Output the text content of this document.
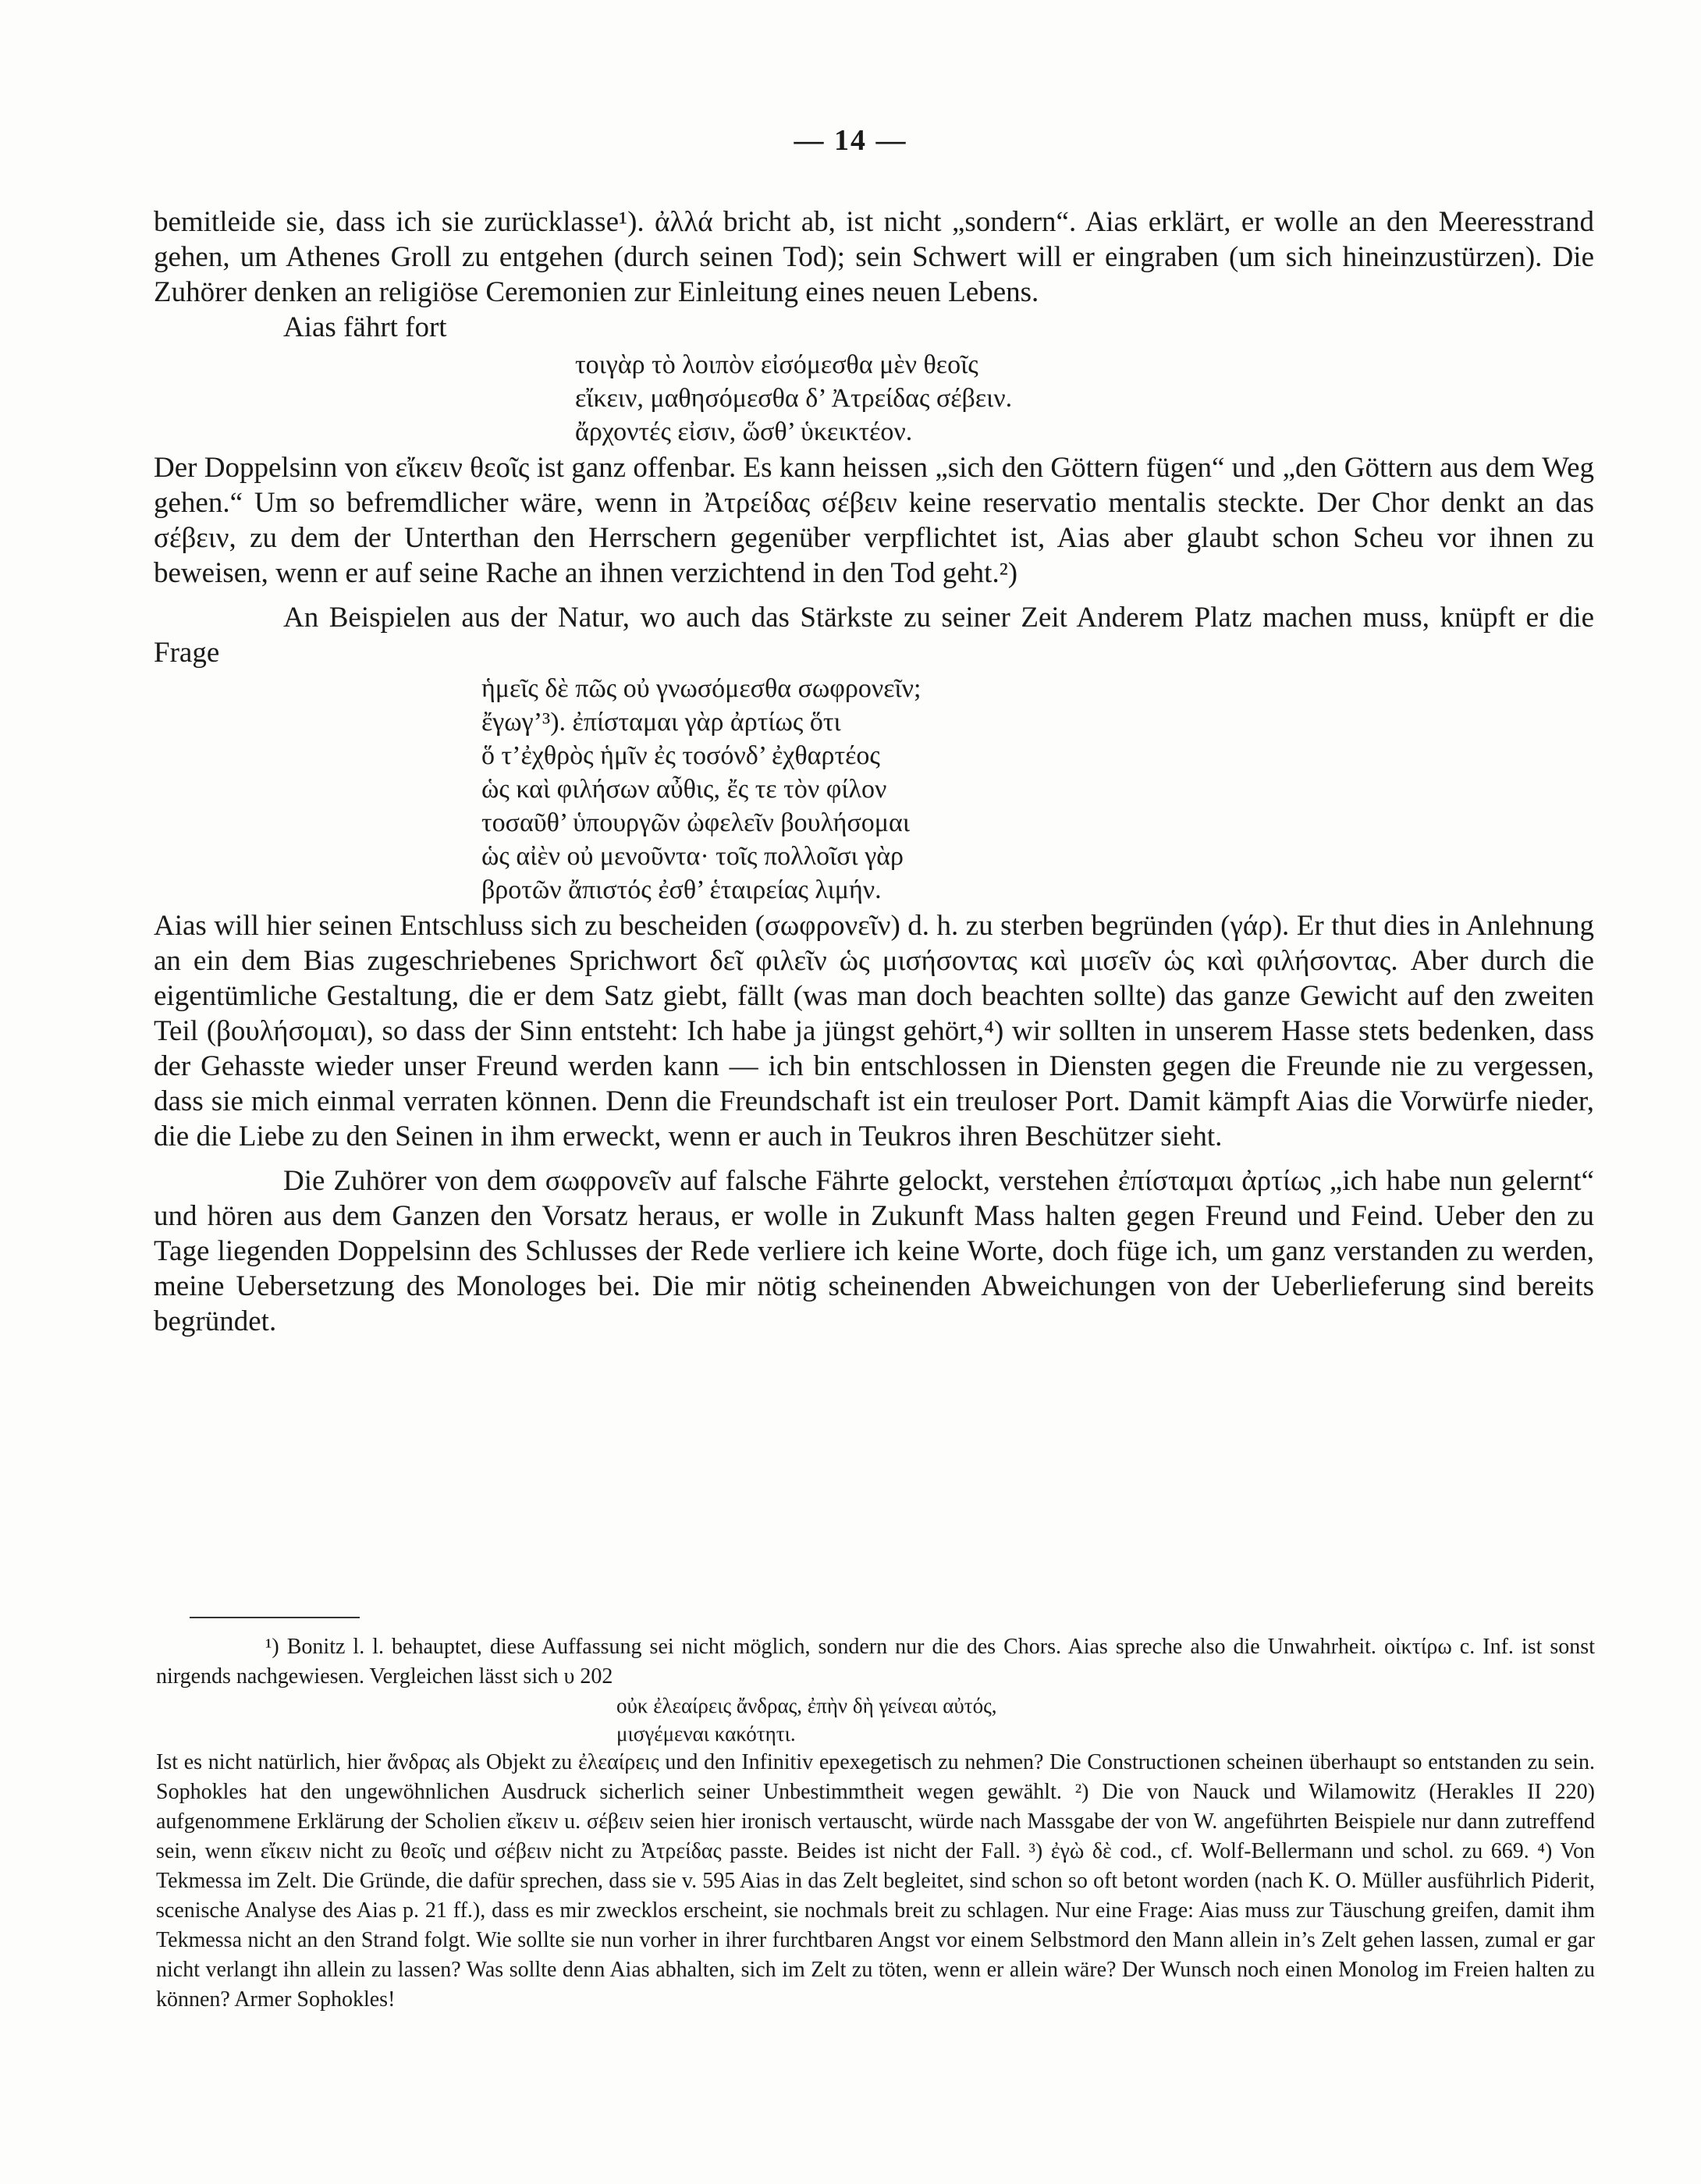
— 14 —

bemitleide sie, dass ich sie zurücklasse¹). ἀλλά bricht ab, ist nicht „sondern“. Aias erklärt, er wolle an den Meeresstrand gehen, um Athenes Groll zu entgehen (durch seinen Tod); sein Schwert will er eingraben (um sich hineinzustürzen). Die Zuhörer denken an religiöse Ceremonien zur Einleitung eines neuen Lebens.

Aias fährt fort

τοιγὰρ τὸ λοιπὸν εἰσόμεσθα μὲν θεοῖς
εἴκειν, μαθησόμεσθα δ’ Ἀτρείδας σέβειν.
ἄρχοντές εἰσιν, ὥσθ’ ὑκεικτέον.

Der Doppelsinn von εἴκειν θεοῖς ist ganz offenbar. Es kann heissen „sich den Göttern fügen“ und „den Göttern aus dem Weg gehen.“ Um so befremdlicher wäre, wenn in Ἀτρείδας σέβειν keine reservatio mentalis steckte. Der Chor denkt an das σέβειν, zu dem der Unterthan den Herrschern gegenüber verpflichtet ist, Aias aber glaubt schon Scheu vor ihnen zu beweisen, wenn er auf seine Rache an ihnen verzichtend in den Tod geht.²)

An Beispielen aus der Natur, wo auch das Stärkste zu seiner Zeit Anderem Platz machen muss, knüpft er die Frage

ἡμεῖς δὲ πῶς οὐ γνωσόμεσθα σωφρονεῖν;
ἔγωγ’³). ἐπίσταμαι γὰρ ἀρτίως ὅτι
ὅ τ’ἐχθρὸς ἡμῖν ἐς τοσόνδ’ ἐχθαρτέος
ὡς καὶ φιλήσων αὖθις, ἔς τε τὸν φίλον
τοσαῦθ’ ὑπουργῶν ὠφελεῖν βουλήσομαι
ὡς αἰὲν οὐ μενοῦντα· τοῖς πολλοῖσι γὰρ
βροτῶν ἄπιστός ἐσθ’ ἑταιρείας λιμήν.

Aias will hier seinen Entschluss sich zu bescheiden (σωφρονεῖν) d. h. zu sterben begründen (γάρ). Er thut dies in Anlehnung an ein dem Bias zugeschriebenes Sprichwort δεῖ φιλεῖν ὡς μισήσοντας καὶ μισεῖν ὡς καὶ φιλήσοντας. Aber durch die eigentümliche Gestaltung, die er dem Satz giebt, fällt (was man doch beachten sollte) das ganze Gewicht auf den zweiten Teil (βουλήσομαι), so dass der Sinn entsteht: Ich habe ja jüngst gehört,⁴) wir sollten in unserem Hasse stets bedenken, dass der Gehasste wieder unser Freund werden kann — ich bin entschlossen in Diensten gegen die Freunde nie zu vergessen, dass sie mich einmal verraten können. Denn die Freundschaft ist ein treuloser Port. Damit kämpft Aias die Vorwürfe nieder, die die Liebe zu den Seinen in ihm erweckt, wenn er auch in Teukros ihren Beschützer sieht.

Die Zuhörer von dem σωφρονεῖν auf falsche Fährte gelockt, verstehen ἐπίσταμαι ἀρτίως „ich habe nun gelernt“ und hören aus dem Ganzen den Vorsatz heraus, er wolle in Zukunft Mass halten gegen Freund und Feind. Ueber den zu Tage liegenden Doppelsinn des Schlusses der Rede verliere ich keine Worte, doch füge ich, um ganz verstanden zu werden, meine Uebersetzung des Monologes bei. Die mir nötig scheinenden Abweichungen von der Ueberlieferung sind bereits begründet.

¹) Bonitz l. l. behauptet, diese Auffassung sei nicht möglich, sondern nur die des Chors. Aias spreche also die Unwahrheit. οἰκτίρω c. Inf. ist sonst nirgends nachgewiesen. Vergleichen lässt sich υ 202

οὐκ ἐλεαίρεις ἄνδρας, ἐπὴν δὴ γείνεαι αὐτός,
μισγέμεναι κακότητι.

Ist es nicht natürlich, hier ἄνδρας als Objekt zu ἐλεαίρεις und den Infinitiv epexegetisch zu nehmen? Die Constructionen scheinen überhaupt so entstanden zu sein. Sophokles hat den ungewöhnlichen Ausdruck sicherlich seiner Unbestimmtheit wegen gewählt. ²) Die von Nauck und Wilamowitz (Herakles II 220) aufgenommene Erklärung der Scholien εἴκειν u. σέβειν seien hier ironisch vertauscht, würde nach Massgabe der von W. angeführten Beispiele nur dann zutreffend sein, wenn εἴκειν nicht zu θεοῖς und σέβειν nicht zu Ἀτρείδας passte. Beides ist nicht der Fall. ³) ἐγὼ δὲ cod., cf. Wolf-Bellermann und schol. zu 669. ⁴) Von Tekmessa im Zelt. Die Gründe, die dafür sprechen, dass sie v. 595 Aias in das Zelt begleitet, sind schon so oft betont worden (nach K. O. Müller ausführlich Piderit, scenische Analyse des Aias p. 21 ff.), dass es mir zwecklos erscheint, sie nochmals breit zu schlagen. Nur eine Frage: Aias muss zur Täuschung greifen, damit ihm Tekmessa nicht an den Strand folgt. Wie sollte sie nun vorher in ihrer furchtbaren Angst vor einem Selbstmord den Mann allein in’s Zelt gehen lassen, zumal er gar nicht verlangt ihn allein zu lassen? Was sollte denn Aias abhalten, sich im Zelt zu töten, wenn er allein wäre? Der Wunsch noch einen Monolog im Freien halten zu können? Armer Sophokles!
